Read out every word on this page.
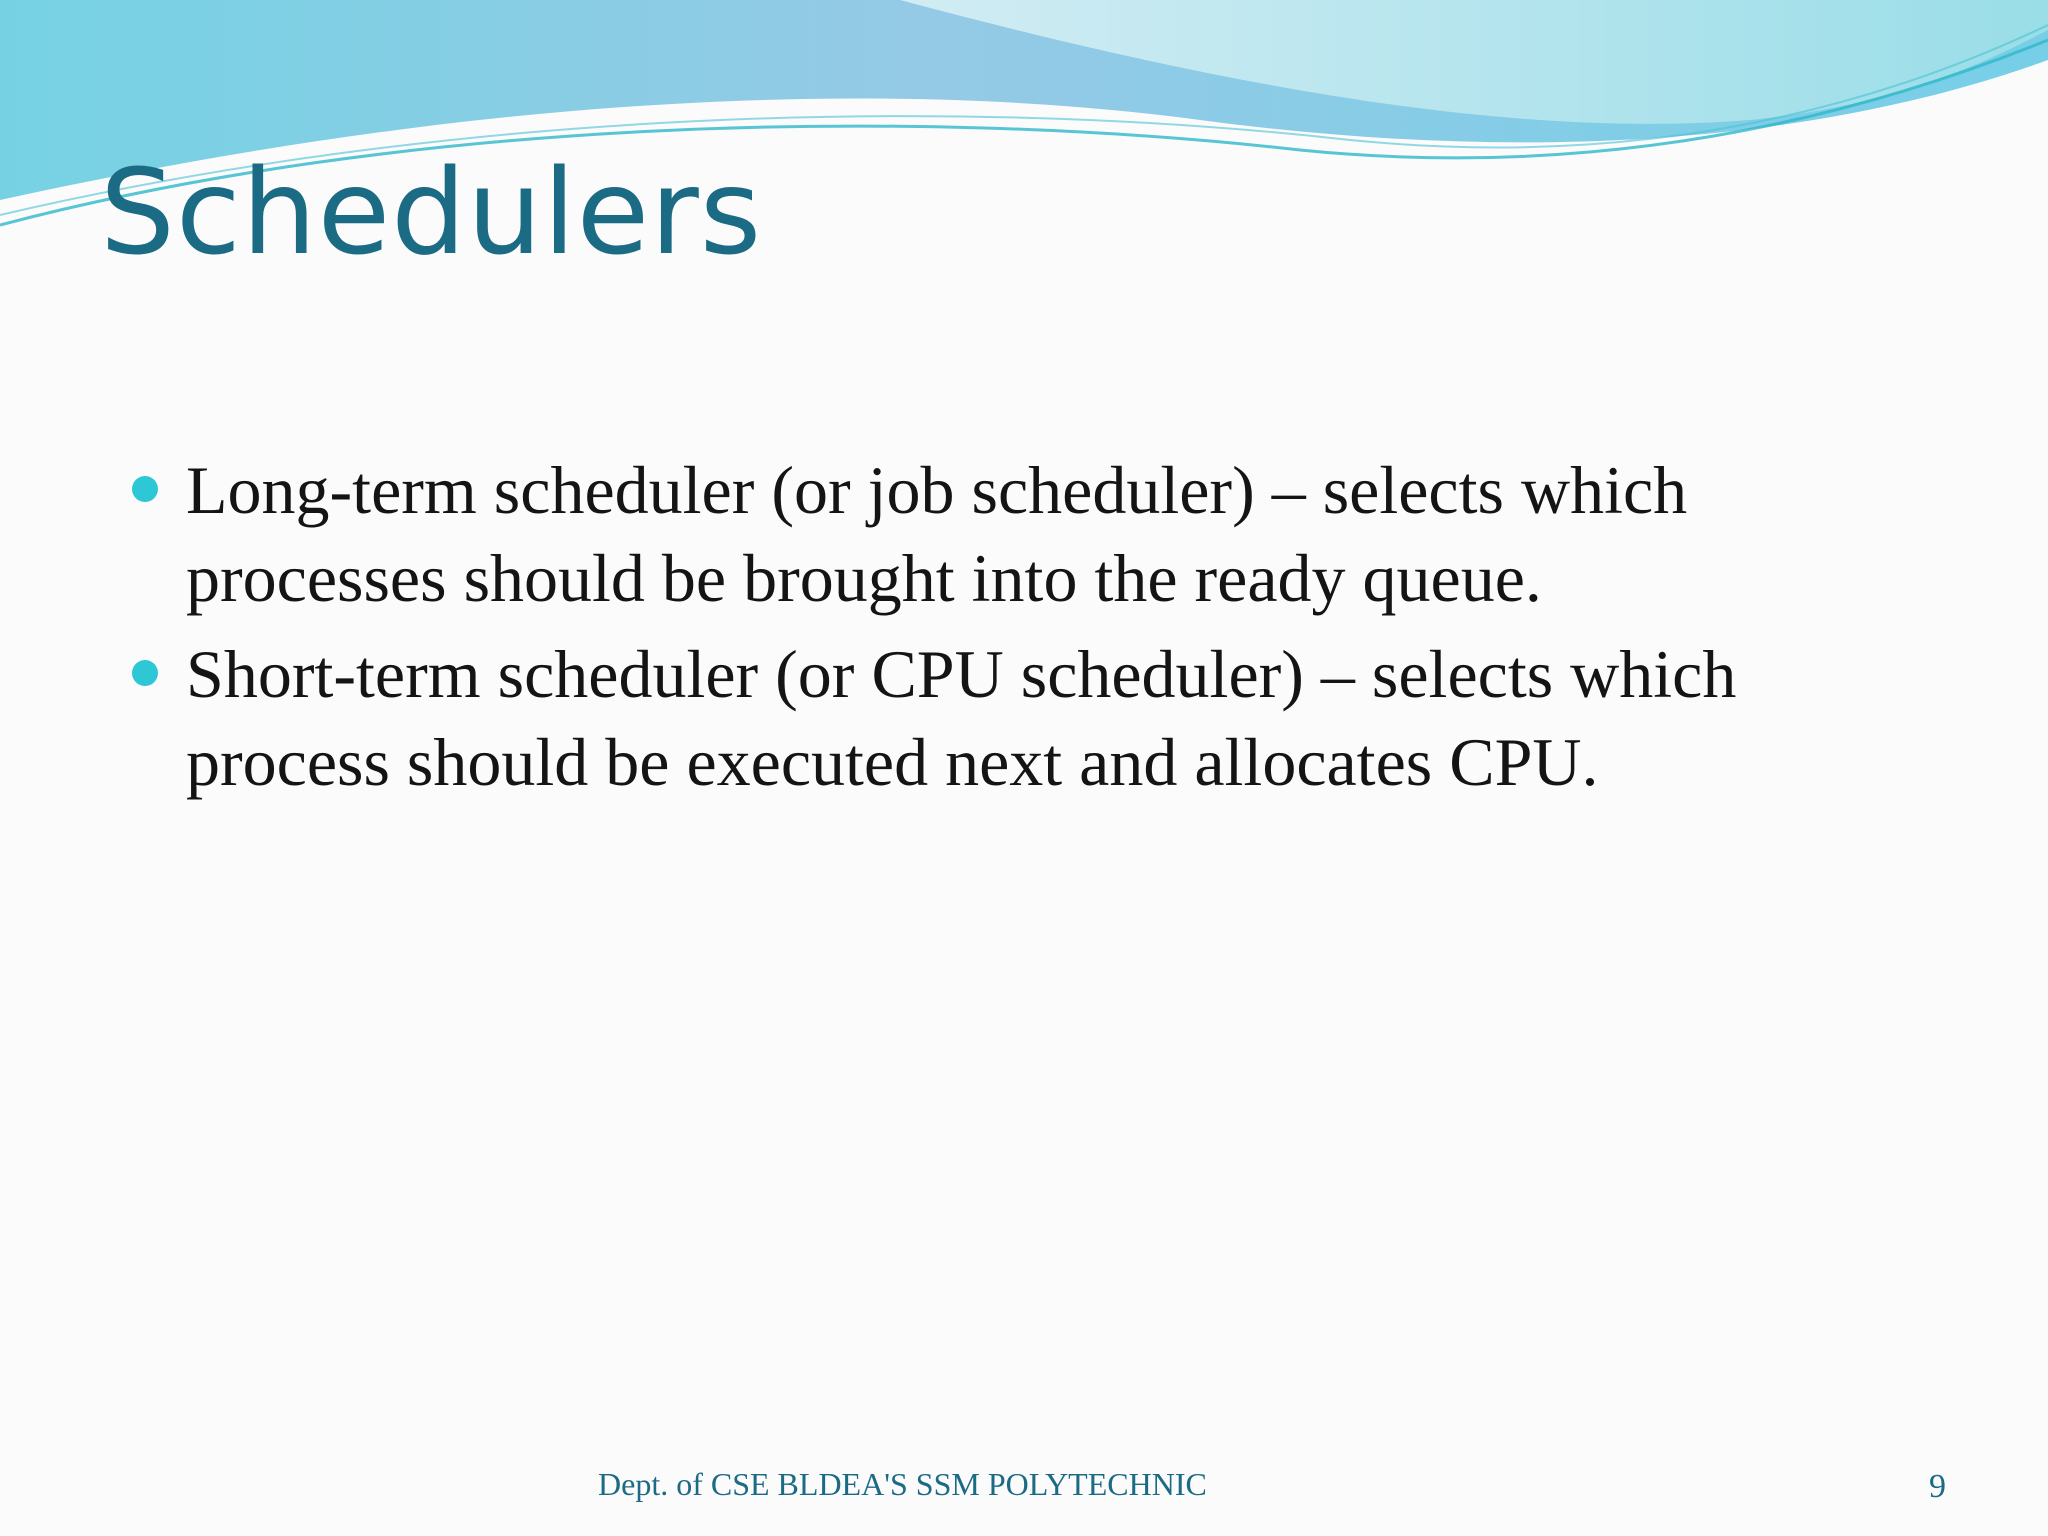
Schedulers
Long-term scheduler (or job scheduler) – selects which processes should be brought into the ready queue.
Short-term scheduler (or CPU scheduler) – selects which process should be executed next and allocates CPU.
Dept. of CSE BLDEA'S SSM POLYTECHNIC	9
